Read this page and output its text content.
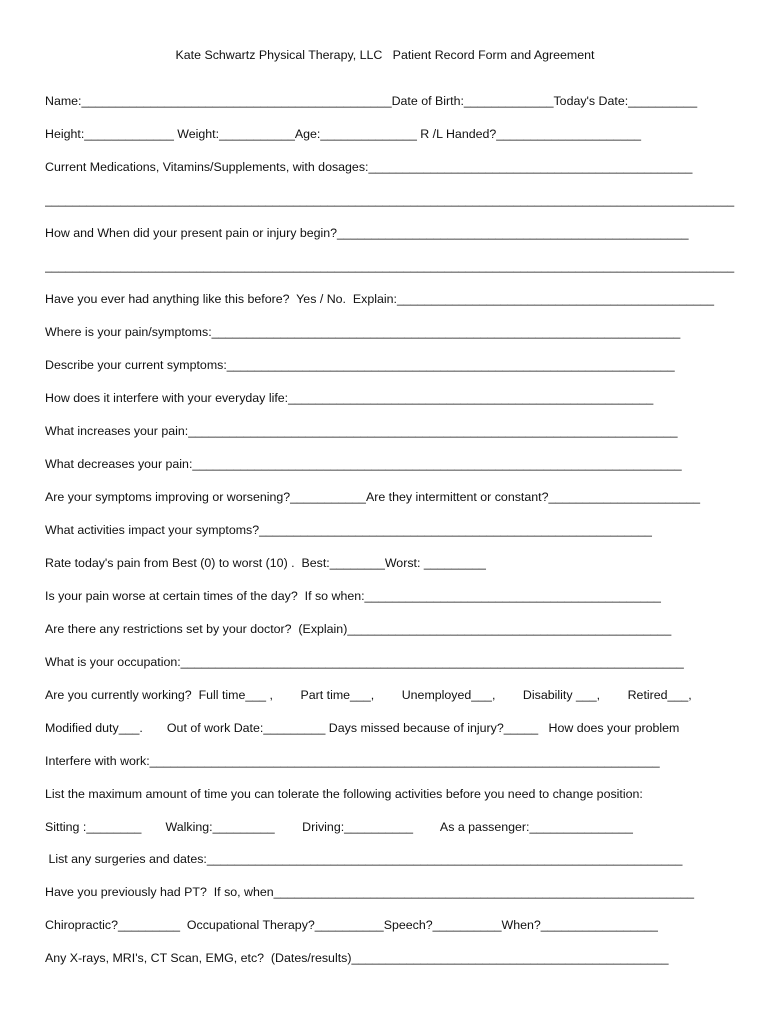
Kate Schwartz Physical Therapy, LLC   Patient Record Form and Agreement
Name:_____________________________________________Date of Birth:_____________Today's Date:__________
Height:_____________ Weight:___________Age:______________ R /L Handed?_____________________
Current Medications, Vitamins/Supplements, with dosages:_______________________________________________
____________________________________________________________________________________________________
How and When did your present pain or injury begin?___________________________________________________
____________________________________________________________________________________________________
Have you ever had anything like this before?  Yes / No.  Explain:______________________________________________
Where is your pain/symptoms:____________________________________________________________________
Describe your current symptoms:_________________________________________________________________
How does it interfere with your everyday life:_____________________________________________________
What increases your pain:_______________________________________________________________________
What decreases your pain:_______________________________________________________________________
Are your symptoms improving or worsening?___________Are they intermittent or constant?______________________
What activities impact your symptoms?_________________________________________________________
Rate today's pain from Best (0) to worst (10) .  Best:________Worst: _________
Is your pain worse at certain times of the day?  If so when:___________________________________________
Are there any restrictions set by your doctor?  (Explain)_______________________________________________
What is your occupation:_________________________________________________________________________
Are you currently working?  Full time___ ,        Part time___,        Unemployed___,        Disability ___,        Retired___,
Modified duty___.       Out of work Date:_________ Days missed because of injury?_____   How does your problem
Interfere with work:__________________________________________________________________________
List the maximum amount of time you can tolerate the following activities before you need to change position:
Sitting :________       Walking:_________        Driving:__________        As a passenger:_______________
List any surgeries and dates:_____________________________________________________________________
Have you previously had PT?  If so, when_____________________________________________________________
Chiropractic?_________  Occupational Therapy?__________Speech?__________When?_________________
Any X-rays, MRI's, CT Scan, EMG, etc?  (Dates/results)______________________________________________
